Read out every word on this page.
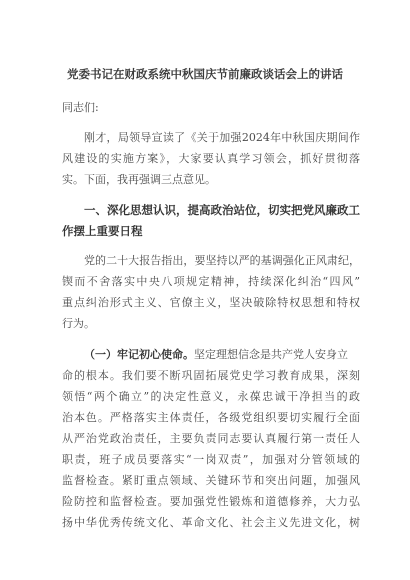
党委书记在财政系统中秋国庆节前廉政谈话会上的讲话
同志们:
刚才，局领导宣读了《关于加强2024年中秋国庆期间作
风建设的实施方案》，大家要认真学习领会，抓好贯彻落
实。下面，我再强调三点意见。
一、深化思想认识，提高政治站位，切实把党风廉政工
作摆上重要日程
党的二十大报告指出，要坚持以严的基调强化正风肃纪，
锲而不舍落实中央八项规定精神，持续深化纠治“四风”
重点纠治形式主义、官僚主义，坚决破除特权思想和特权
行为。
（一）牢记初心使命。坚定理想信念是共产党人安身立
命的根本。我们要不断巩固拓展党史学习教育成果，深刻
领悟“两个确立”的决定性意义，永葆忠诚干净担当的政
治本色。严格落实主体责任，各级党组织要切实履行全面
从严治党政治责任，主要负责同志要认真履行第一责任人
职责，班子成员要落实“一岗双责”，加强对分管领域的
监督检查。紧盯重点领域、关键环节和突出问题，加强风
险防控和监督检查。要加强党性锻炼和道德修养，大力弘
扬中华优秀传统文化、革命文化、社会主义先进文化，树
